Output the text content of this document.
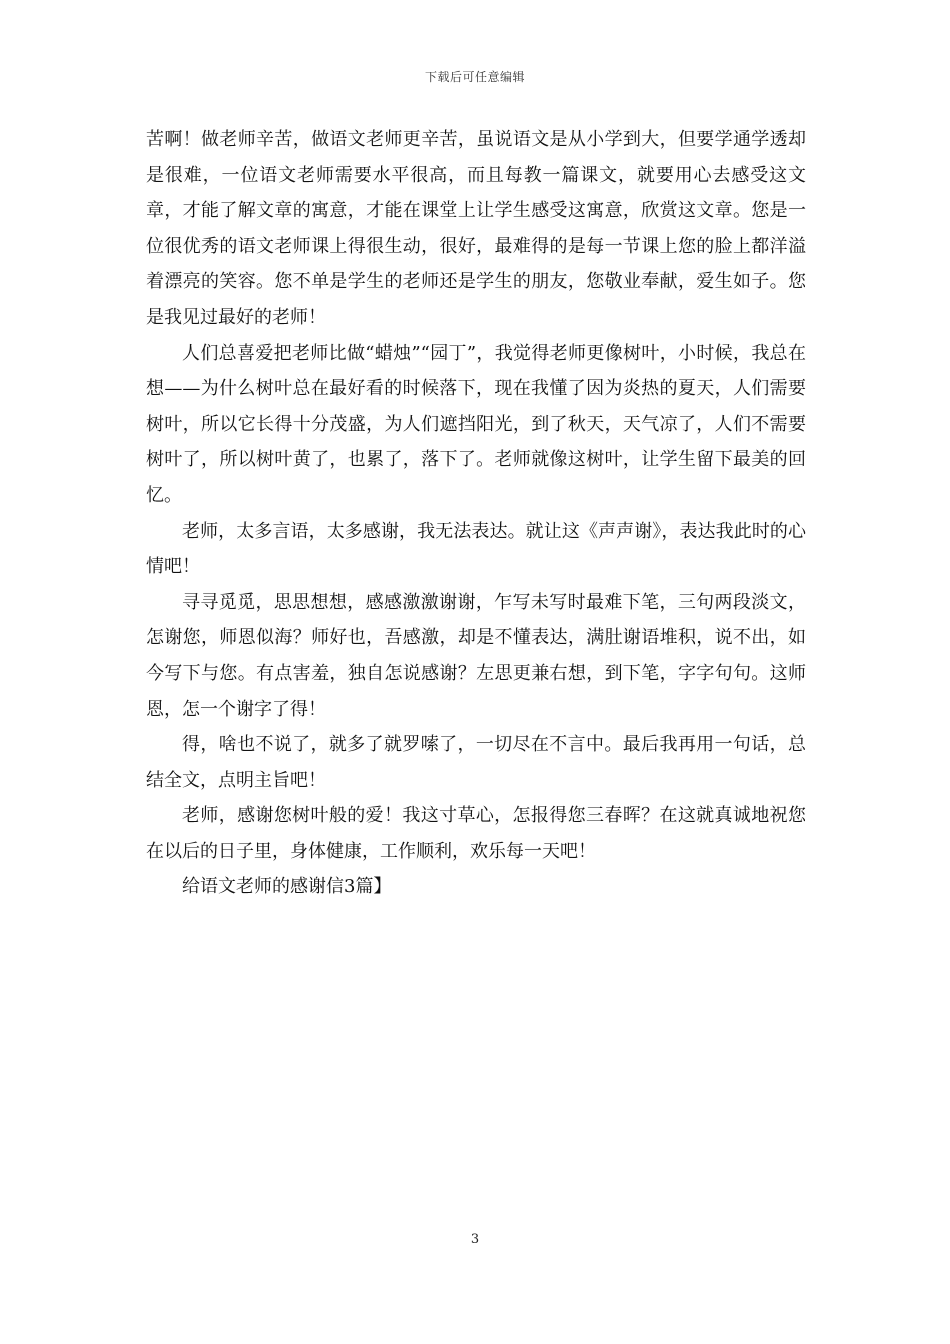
下载后可任意编辑

苦啊！做老师辛苦，做语文老师更辛苦，虽说语文是从小学到大，但要学通学透却是很难，一位语文老师需要水平很高，而且每教一篇课文，就要用心去感受这文章，才能了解文章的寓意，才能在课堂上让学生感受这寓意，欣赏这文章。您是一位很优秀的语文老师课上得很生动，很好，最难得的是每一节课上您的脸上都洋溢着漂亮的笑容。您不单是学生的老师还是学生的朋友，您敬业奉献，爱生如子。您是我见过最好的老师！

人们总喜爱把老师比做“蜡烛”“园丁”，我觉得老师更像树叶，小时候，我总在想——为什么树叶总在最好看的时候落下，现在我懂了因为炎热的夏天，人们需要树叶，所以它长得十分茂盛，为人们遮挡阳光，到了秋天，天气凉了，人们不需要树叶了，所以树叶黄了，也累了，落下了。老师就像这树叶，让学生留下最美的回忆。

老师，太多言语，太多感谢，我无法表达。就让这《声声谢》，表达我此时的心情吧！

寻寻觅觅，思思想想，感感激激谢谢，乍写未写时最难下笔，三句两段淡文，怎谢您，师恩似海？师好也，吾感激，却是不懂表达，满肚谢语堆积，说不出，如今写下与您。有点害羞，独自怎说感谢？左思更兼右想，到下笔，字字句句。这师恩，怎一个谢字了得！

得，啥也不说了，就多了就罗嗦了，一切尽在不言中。最后我再用一句话，总结全文，点明主旨吧！

老师，感谢您树叶般的爱！我这寸草心，怎报得您三春晖？在这就真诚地祝您在以后的日子里，身体健康，工作顺利，欢乐每一天吧！

给语文老师的感谢信3篇】

3
